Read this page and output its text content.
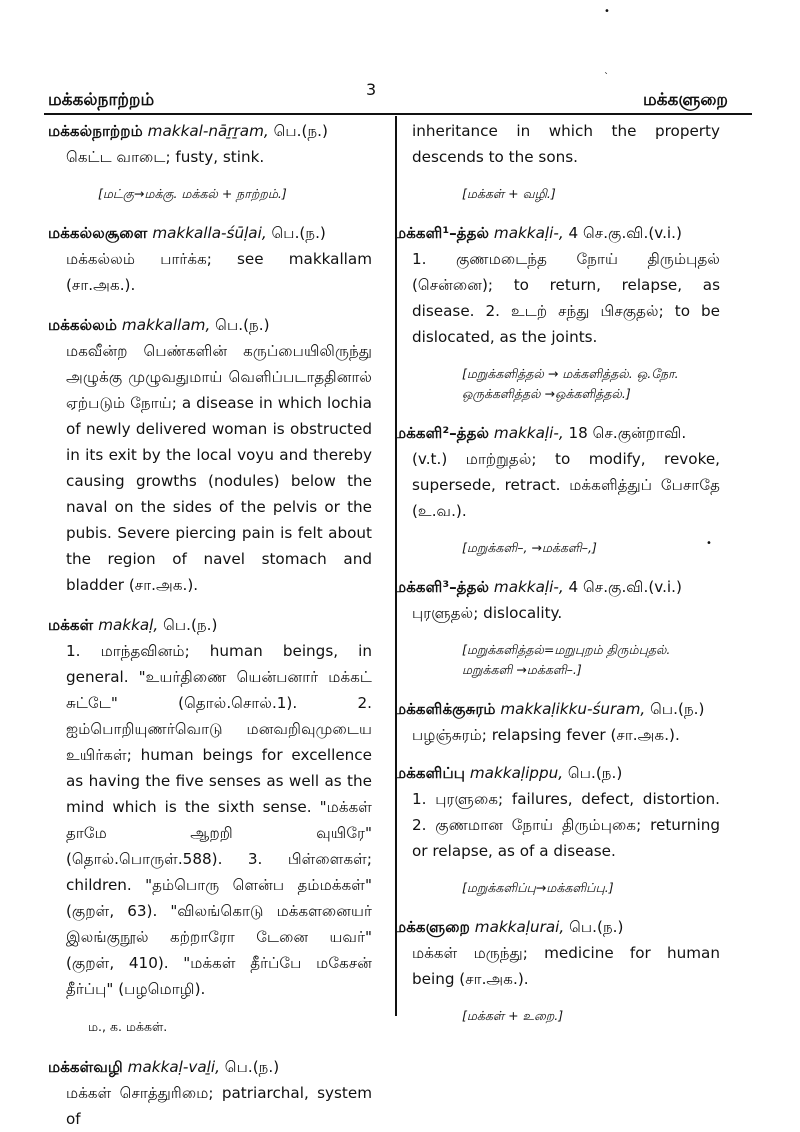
•
`
•
மக்கல்நாற்றம்
3
மக்களுறை
மக்கல்நாற்றம் makkal-nāṟṟam, பெ.(ந.)
கெட்ட வாடை; fusty, stink.
[மட்கு→மக்கு. மக்கல் + நாற்றம்.]
மக்கல்லசூளை makkalla-śūḷai, பெ.(ந.)
மக்கல்லம் பார்க்க; see makkallam (சா.அக.).
மக்கல்லம் makkallam, பெ.(ந.)
மகவீன்ற பெண்களின் கருப்பையிலிருந்து அழுக்கு முழுவதுமாய் வெளிப்படாததினால் ஏற்படும் நோய்; a disease in which lochia of newly delivered woman is obstructed in its exit by the local voyu and thereby causing growths (nodules) below the naval on the sides of the pelvis or the pubis. Severe piercing pain is felt about the region of navel stomach and bladder (சா.அக.).
மக்கள் makkaḷ, பெ.(ந.)
1. மாந்தவினம்; human beings, in general. "உயர்திணை யென்பனார் மக்கட் சுட்டே" (தொல்.சொல்.1). 2. ஐம்பொறியுணர்வொடு மனவறிவுமுடைய உயிர்கள்; human beings for excellence as having the five senses as well as the mind which is the sixth sense. "மக்கள் தாமே ஆறறி வுயிரே" (தொல்.பொருள்.588). 3. பிள்ளைகள்; children. "தம்பொரு ளென்ப தம்மக்கள்" (குறள், 63). "விலங்கொடு மக்களனையர் இலங்குநூல் கற்றாரோ டேனை யவர்" (குறள், 410). "மக்கள் தீர்ப்பே மகேசன் தீர்ப்பு" (பழமொழி).
ம., க. மக்கள்.
மக்கள்வழி makkaḷ-vaḻi, பெ.(ந.)
மக்கள் சொத்துரிமை; patriarchal, system of
inheritance in which the property descends to the sons.
[மக்கள் + வழி.]
மக்களி¹–த்தல் makkaḷi-, 4 செ.கு.வி.(v.i.)
1. குணமடைந்த நோய் திரும்புதல் (சென்னை); to return, relapse, as disease. 2. உடற் சந்து பிசகுதல்; to be dislocated, as the joints.
[மறுக்களித்தல் → மக்களித்தல். ஒ.நோ. ஒருக்களித்தல் →ஒக்களித்தல்.]
மக்களி²–த்தல் makkaḷi-, 18 செ.குன்றாவி.
(v.t.) மாற்றுதல்; to modify, revoke, supersede, retract. மக்களித்துப் பேசாதே (உ.வ.).
[மறுக்களி–, →மக்களி–,]
மக்களி³–த்தல் makkaḷi-, 4 செ.கு.வி.(v.i.)
புரளுதல்; dislocality.
[மறுக்களித்தல்=மறுபுறம் திரும்புதல். மறுக்களி →மக்களி–.]
மக்களிக்குசுரம் makkaḷikku-śuram, பெ.(ந.)
பழஞ்சுரம்; relapsing fever (சா.அக.).
மக்களிப்பு makkaḷippu, பெ.(ந.)
1. புரளுகை; failures, defect, distortion. 2. குணமான நோய் திரும்புகை; returning or relapse, as of a disease.
[மறுக்களிப்பு→மக்களிப்பு.]
மக்களுறை makkaḷurai, பெ.(ந.)
மக்கள் மருந்து; medicine for human being (சா.அக.).
[மக்கள் + உறை.]
